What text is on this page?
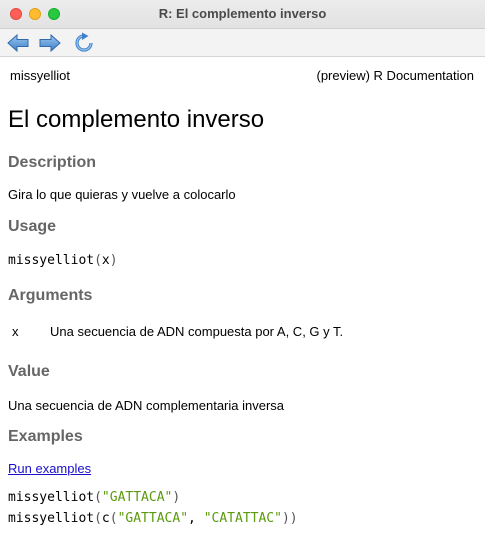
R: El complemento inverso
missyelliot	(preview) R Documentation
El complemento inverso
Description

Gira lo que quieras y vuelve a colocarlo

Usage
missyelliot(x)
Arguments
x Una secuencia de ADN compuesta por A, C, G y T.
Value

Una secuencia de ADN complementaria inversa

Examples
Run examples
missyelliot("GATTACA")
missyelliot(c("GATTACA", "CATATTAC"))
